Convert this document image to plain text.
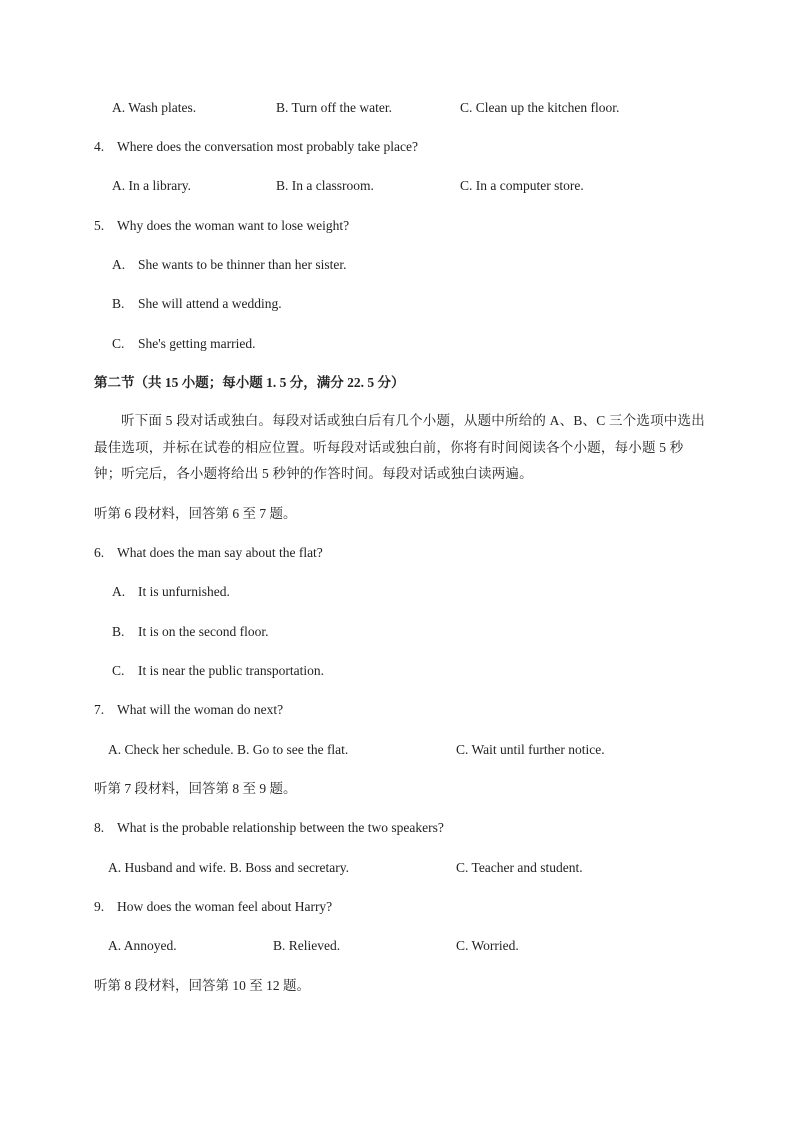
A. Wash plates.	B. Turn off the water.	C. Clean up the kitchen floor.
4. Where does the conversation most probably take place?
A. In a library.	B. In a classroom.	C. In a computer store.
5. Why does the woman want to lose weight?
A. She wants to be thinner than her sister.
B. She will attend a wedding.
C. She's getting married.
第二节（共 15 小题；每小题 1. 5 分，满分 22. 5 分）
听下面 5 段对话或独白。每段对话或独白后有几个小题，从题中所给的 A、B、C 三个选项中选出最佳选项，并标在试卷的相应位置。听每段对话或独白前，你将有时间阅读各个小题，每小题 5 秒钟；听完后，各小题将给出 5 秒钟的作答时间。每段对话或独白读两遍。
听第 6 段材料，回答第 6 至 7 题。
6. What does the man say about the flat?
A. It is unfurnished.
B. It is on the second floor.
C. It is near the public transportation.
7. What will the woman do next?
A. Check her schedule. B. Go to see the flat.	C. Wait until further notice.
听第 7 段材料，回答第 8 至 9 题。
8. What is the probable relationship between the two speakers?
A. Husband and wife. B. Boss and secretary.	C. Teacher and student.
9. How does the woman feel about Harry?
A. Annoyed.	B. Relieved.	C. Worried.
听第 8 段材料，回答第 10 至 12 题。
